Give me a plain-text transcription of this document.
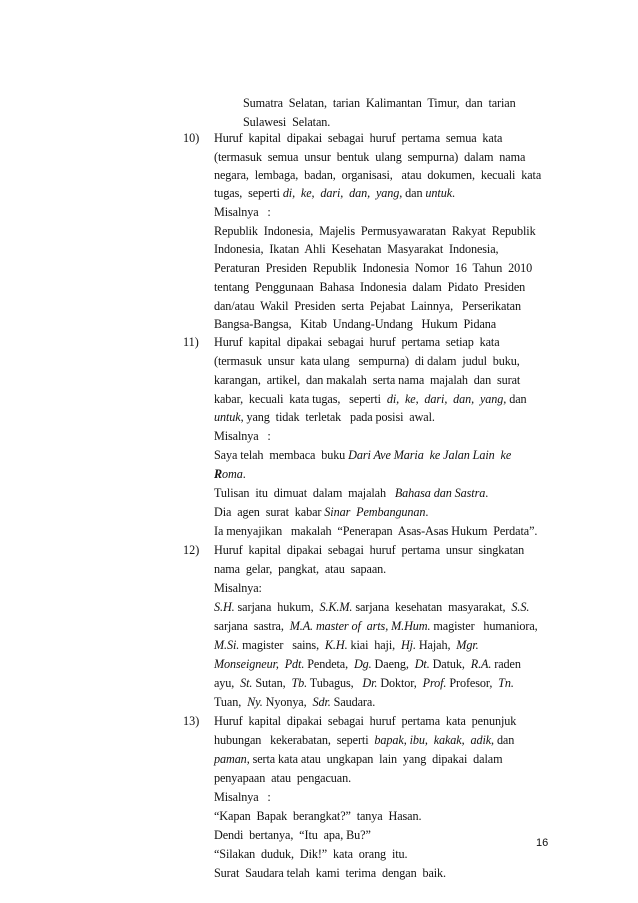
Sumatra  Selatan,  tarian  Kalimantan  Timur,  dan  tarian
Sulawesi  Selatan.
10) Huruf  kapital  dipakai  sebagai  huruf  pertama  semua  kata
(termasuk  semua  unsur  bentuk  ulang  sempurna)  dalam  nama
negara,  lembaga,  badan,  organisasi,   atau  dokumen,  kecuali  kata
tugas,  seperti di,  ke,  dari,  dan,  yang, dan untuk.
Misalnya   :
Republik  Indonesia,  Majelis  Permusyawaratan  Rakyat  Republik
Indonesia,  Ikatan  Ahli  Kesehatan  Masyarakat  Indonesia,
Peraturan  Presiden  Republik  Indonesia  Nomor  16  Tahun  2010
tentang  Penggunaan  Bahasa  Indonesia  dalam  Pidato  Presiden
dan/atau  Wakil  Presiden  serta  Pejabat  Lainnya,   Perserikatan
Bangsa-Bangsa,   Kitab  Undang-Undang   Hukum  Pidana
11) Huruf  kapital  dipakai  sebagai  huruf  pertama  setiap  kata
(termasuk  unsur  kata ulang   sempurna)  di dalam  judul  buku,
karangan,  artikel,  dan makalah  serta nama  majalah  dan  surat
kabar,  kecuali  kata tugas,   seperti  di,  ke,  dari,  dan,  yang, dan
untuk, yang  tidak  terletak   pada posisi  awal.
Misalnya   :
Saya telah  membaca  buku Dari Ave Maria  ke Jalan Lain  ke
Roma.
Tulisan  itu  dimuat  dalam  majalah   Bahasa dan Sastra.
Dia  agen  surat  kabar Sinar  Pembangunan.
Ia menyajikan   makalah  “Penerapan  Asas-Asas Hukum  Perdata”.
12) Huruf  kapital  dipakai  sebagai  huruf  pertama  unsur  singkatan
nama  gelar,  pangkat,  atau  sapaan.
Misalnya:
S.H. sarjana  hukum,  S.K.M. sarjana  kesehatan  masyarakat,  S.S.
sarjana  sastra,  M.A. master of  arts, M.Hum. magister   humaniora,
M.Si. magister   sains,  K.H. kiai  haji,  Hj. Hajah,  Mgr.
Monseigneur,  Pdt. Pendeta,  Dg. Daeng,  Dt. Datuk,  R.A. raden
ayu,  St. Sutan,  Tb. Tubagus,   Dr. Doktor,  Prof. Profesor,  Tn.
Tuan,  Ny. Nyonya,  Sdr. Saudara.
13) Huruf  kapital  dipakai  sebagai  huruf  pertama  kata  penunjuk
hubungan   kekerabatan,  seperti  bapak, ibu,  kakak,  adik, dan
paman, serta kata atau  ungkapan  lain  yang  dipakai  dalam
penyapaan  atau  pengacuan.
Misalnya   :
“Kapan  Bapak  berangkat?”  tanya  Hasan.
Dendi  bertanya,  “Itu  apa, Bu?”
“Silakan  duduk,  Dik!”  kata  orang  itu.
Surat  Saudara telah  kami  terima  dengan  baik.
16
